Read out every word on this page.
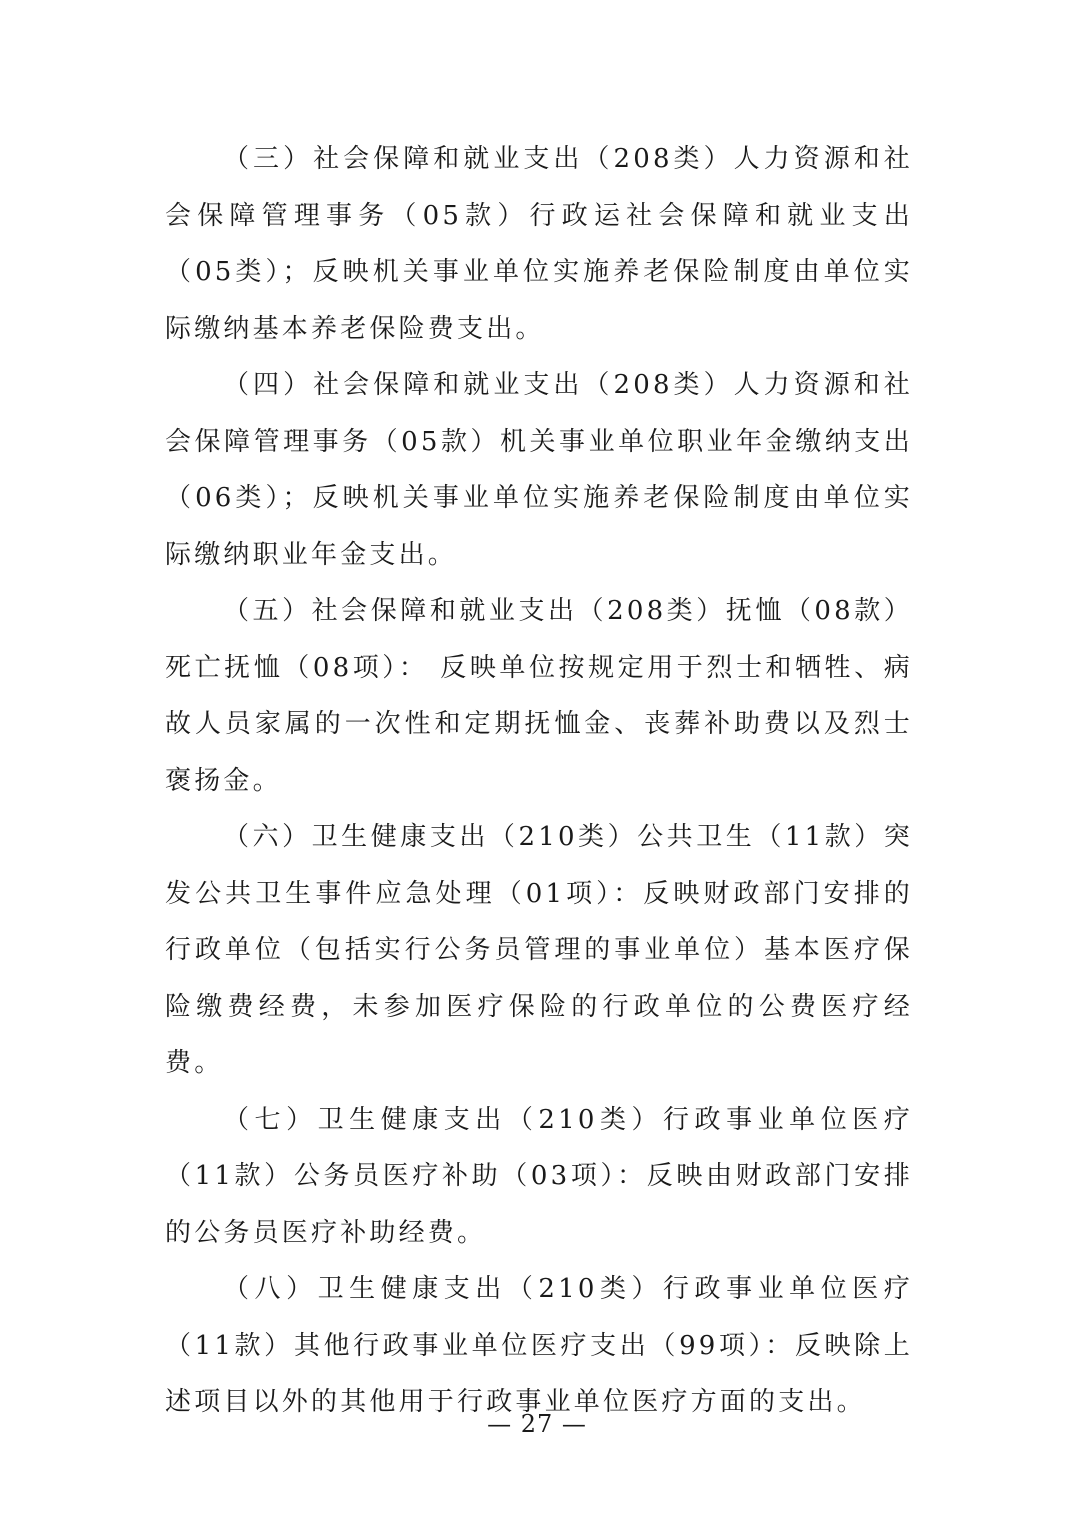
（三）社会保障和就业支出（208类）人力资源和社会保障管理事务（05款）行政运社会保障和就业支出（05类）；反映机关事业单位实施养老保险制度由单位实际缴纳基本养老保险费支出。

（四）社会保障和就业支出（208类）人力资源和社会保障管理事务（05款）机关事业单位职业年金缴纳支出（06类）；反映机关事业单位实施养老保险制度由单位实际缴纳职业年金支出。

（五）社会保障和就业支出（208类）抚恤（08款）死亡抚恤（08项）： 反映单位按规定用于烈士和牺牲、病故人员家属的一次性和定期抚恤金、丧葬补助费以及烈士褒扬金。

（六）卫生健康支出（210类）公共卫生（11款）突发公共卫生事件应急处理（01项）：反映财政部门安排的行政单位（包括实行公务员管理的事业单位）基本医疗保险缴费经费，未参加医疗保险的行政单位的公费医疗经费。

（七）卫生健康支出（210类）行政事业单位医疗（11款）公务员医疗补助（03项）：反映由财政部门安排的公务员医疗补助经费。

（八）卫生健康支出（210类）行政事业单位医疗（11款）其他行政事业单位医疗支出（99项）：反映除上述项目以外的其他用于行政事业单位医疗方面的支出。

— 27 —
